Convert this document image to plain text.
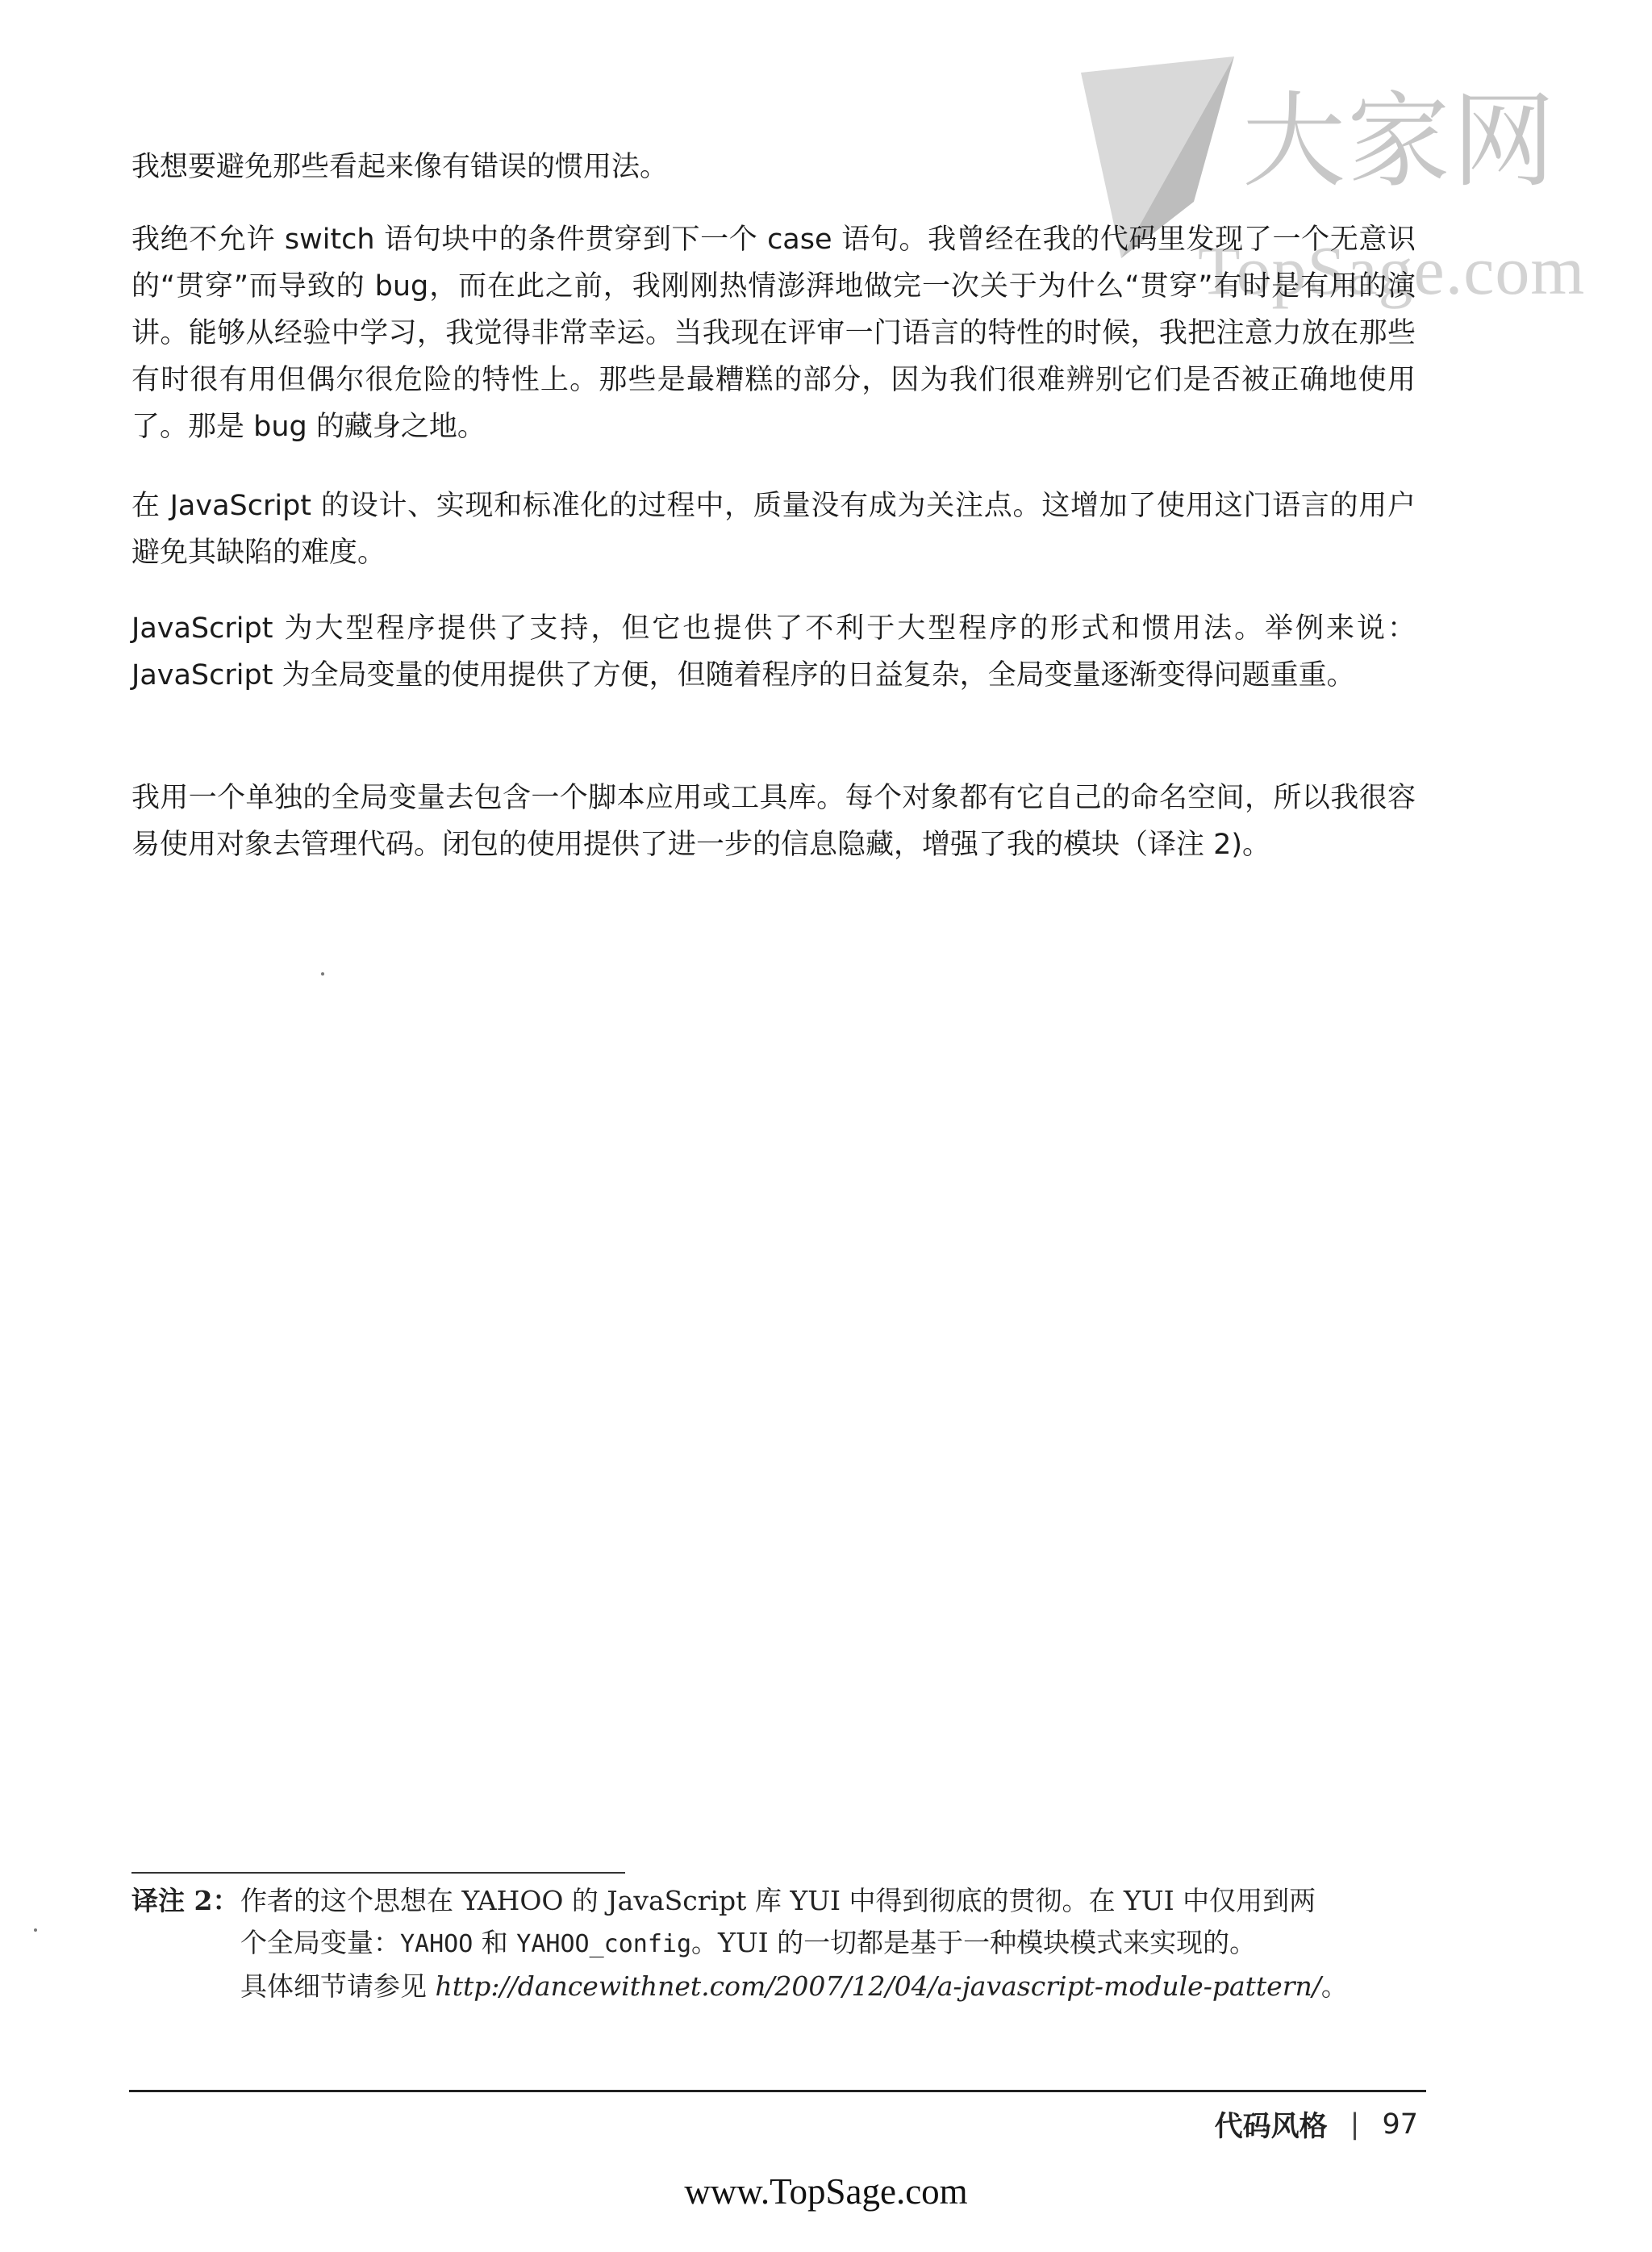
大家网
TopSage.com

我想要避免那些看起来像有错误的惯用法。

我绝不允许 switch 语句块中的条件贯穿到下一个 case 语句。我曾经在我的代码里发现了一个无意识的“贯穿”而导致的 bug，而在此之前，我刚刚热情澎湃地做完一次关于为什么“贯穿”有时是有用的演讲。能够从经验中学习，我觉得非常幸运。当我现在评审一门语言的特性的时候，我把注意力放在那些有时很有用但偶尔很危险的特性上。那些是最糟糕的部分，因为我们很难辨别它们是否被正确地使用了。那是 bug 的藏身之地。

在 JavaScript 的设计、实现和标准化的过程中，质量没有成为关注点。这增加了使用这门语言的用户避免其缺陷的难度。

JavaScript 为大型程序提供了支持，但它也提供了不利于大型程序的形式和惯用法。举例来说：JavaScript 为全局变量的使用提供了方便，但随着程序的日益复杂，全局变量逐渐变得问题重重。

我用一个单独的全局变量去包含一个脚本应用或工具库。每个对象都有它自己的命名空间，所以我很容易使用对象去管理代码。闭包的使用提供了进一步的信息隐藏，增强了我的模块（译注 2)。

译注 2：作者的这个思想在 YAHOO 的 JavaScript 库 YUI 中得到彻底的贯彻。在 YUI 中仅用到两
个全局变量：YAHOO 和 YAHOO_config。YUI 的一切都是基于一种模块模式来实现的。
具体细节请参见 http://dancewithnet.com/2007/12/04/a-javascript-module-pattern/。
代码风格 | 97
www.TopSage.com
